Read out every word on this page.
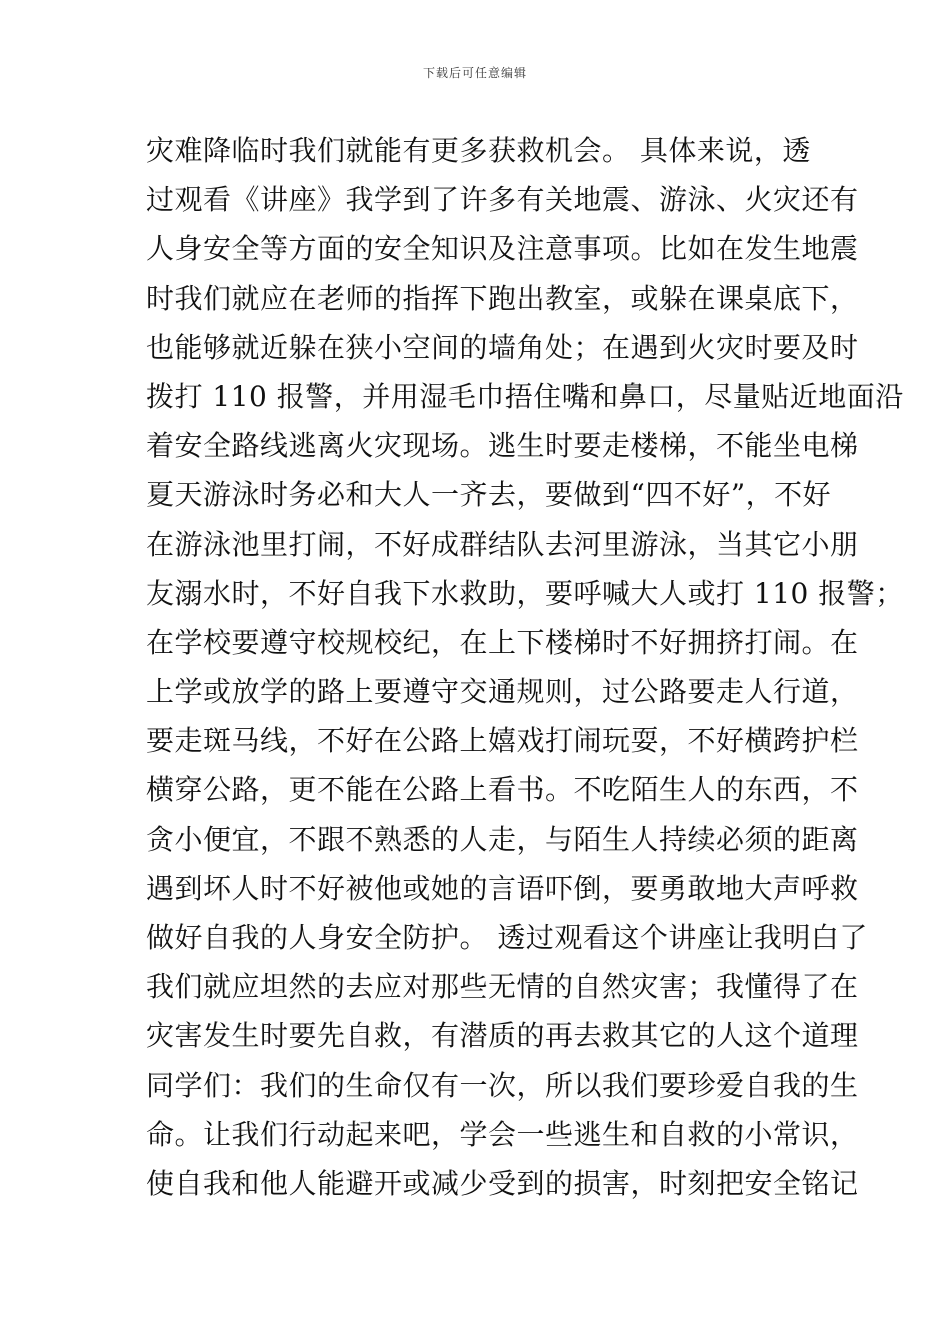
下载后可任意编辑
灾难降临时我们就能有更多获救机会。 具体来说，透
过观看《讲座》我学到了许多有关地震、游泳、火灾还有
人身安全等方面的安全知识及注意事项。比如在发生地震
时我们就应在老师的指挥下跑出教室，或躲在课桌底下，
也能够就近躲在狭小空间的墙角处；在遇到火灾时要及时
拨打 110 报警，并用湿毛巾捂住嘴和鼻口，尽量贴近地面沿
着安全路线逃离火灾现场。逃生时要走楼梯，不能坐电梯
夏天游泳时务必和大人一齐去，要做到“四不好”，不好
在游泳池里打闹，不好成群结队去河里游泳，当其它小朋
友溺水时，不好自我下水救助，要呼喊大人或打 110 报警；
在学校要遵守校规校纪，在上下楼梯时不好拥挤打闹。在
上学或放学的路上要遵守交通规则，过公路要走人行道，
要走斑马线，不好在公路上嬉戏打闹玩耍，不好横跨护栏
横穿公路，更不能在公路上看书。不吃陌生人的东西，不
贪小便宜，不跟不熟悉的人走，与陌生人持续必须的距离
遇到坏人时不好被他或她的言语吓倒，要勇敢地大声呼救
做好自我的人身安全防护。 透过观看这个讲座让我明白了
我们就应坦然的去应对那些无情的自然灾害；我懂得了在
灾害发生时要先自救，有潜质的再去救其它的人这个道理
同学们：我们的生命仅有一次，所以我们要珍爱自我的生
命。让我们行动起来吧，学会一些逃生和自救的小常识，
使自我和他人能避开或减少受到的损害，时刻把安全铭记
